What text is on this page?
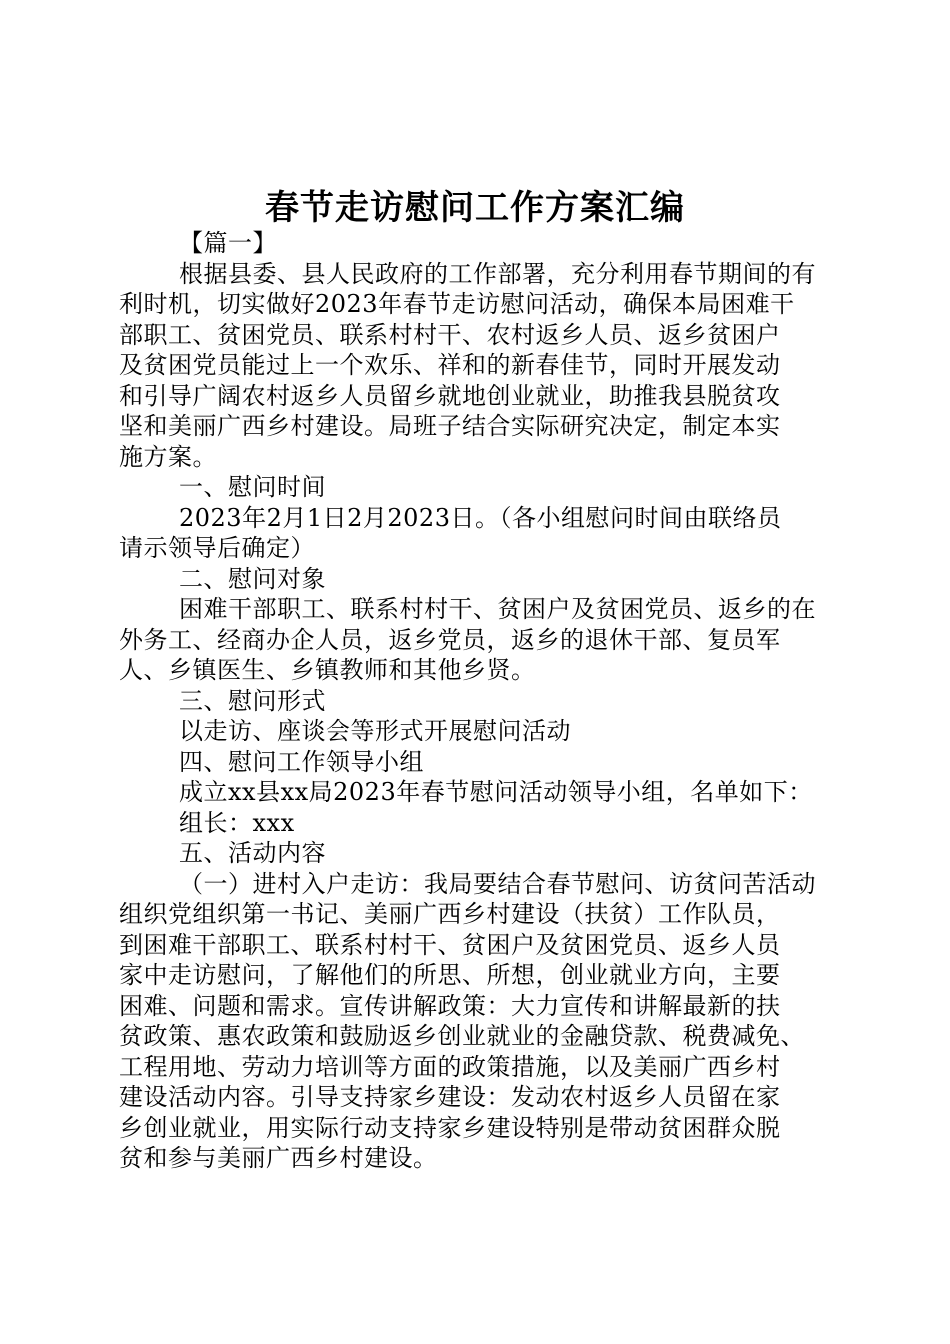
春节走访慰问工作方案汇编
【篇一】
根据县委、县人民政府的工作部署，充分利用春节期间的有
利时机，切实做好2023年春节走访慰问活动，确保本局困难干
部职工、贫困党员、联系村村干、农村返乡人员、返乡贫困户
及贫困党员能过上一个欢乐、祥和的新春佳节，同时开展发动
和引导广阔农村返乡人员留乡就地创业就业，助推我县脱贫攻
坚和美丽广西乡村建设。局班子结合实际研究决定，制定本实
施方案。
一、慰问时间
2023年2月1日2月2023日。（各小组慰问时间由联络员
请示领导后确定）
二、慰问对象
困难干部职工、联系村村干、贫困户及贫困党员、返乡的在
外务工、经商办企人员，返乡党员，返乡的退休干部、复员军
人、乡镇医生、乡镇教师和其他乡贤。
三、慰问形式
以走访、座谈会等形式开展慰问活动
四、慰问工作领导小组
成立xx县xx局2023年春节慰问活动领导小组，名单如下：
组长：xxx
五、活动内容
（一）进村入户走访：我局要结合春节慰问、访贫问苦活动
组织党组织第一书记、美丽广西乡村建设（扶贫）工作队员，
到困难干部职工、联系村村干、贫困户及贫困党员、返乡人员
家中走访慰问，了解他们的所思、所想，创业就业方向，主要
困难、问题和需求。宣传讲解政策：大力宣传和讲解最新的扶
贫政策、惠农政策和鼓励返乡创业就业的金融贷款、税费减免、
工程用地、劳动力培训等方面的政策措施，以及美丽广西乡村
建设活动内容。引导支持家乡建设：发动农村返乡人员留在家
乡创业就业，用实际行动支持家乡建设特别是带动贫困群众脱
贫和参与美丽广西乡村建设。
